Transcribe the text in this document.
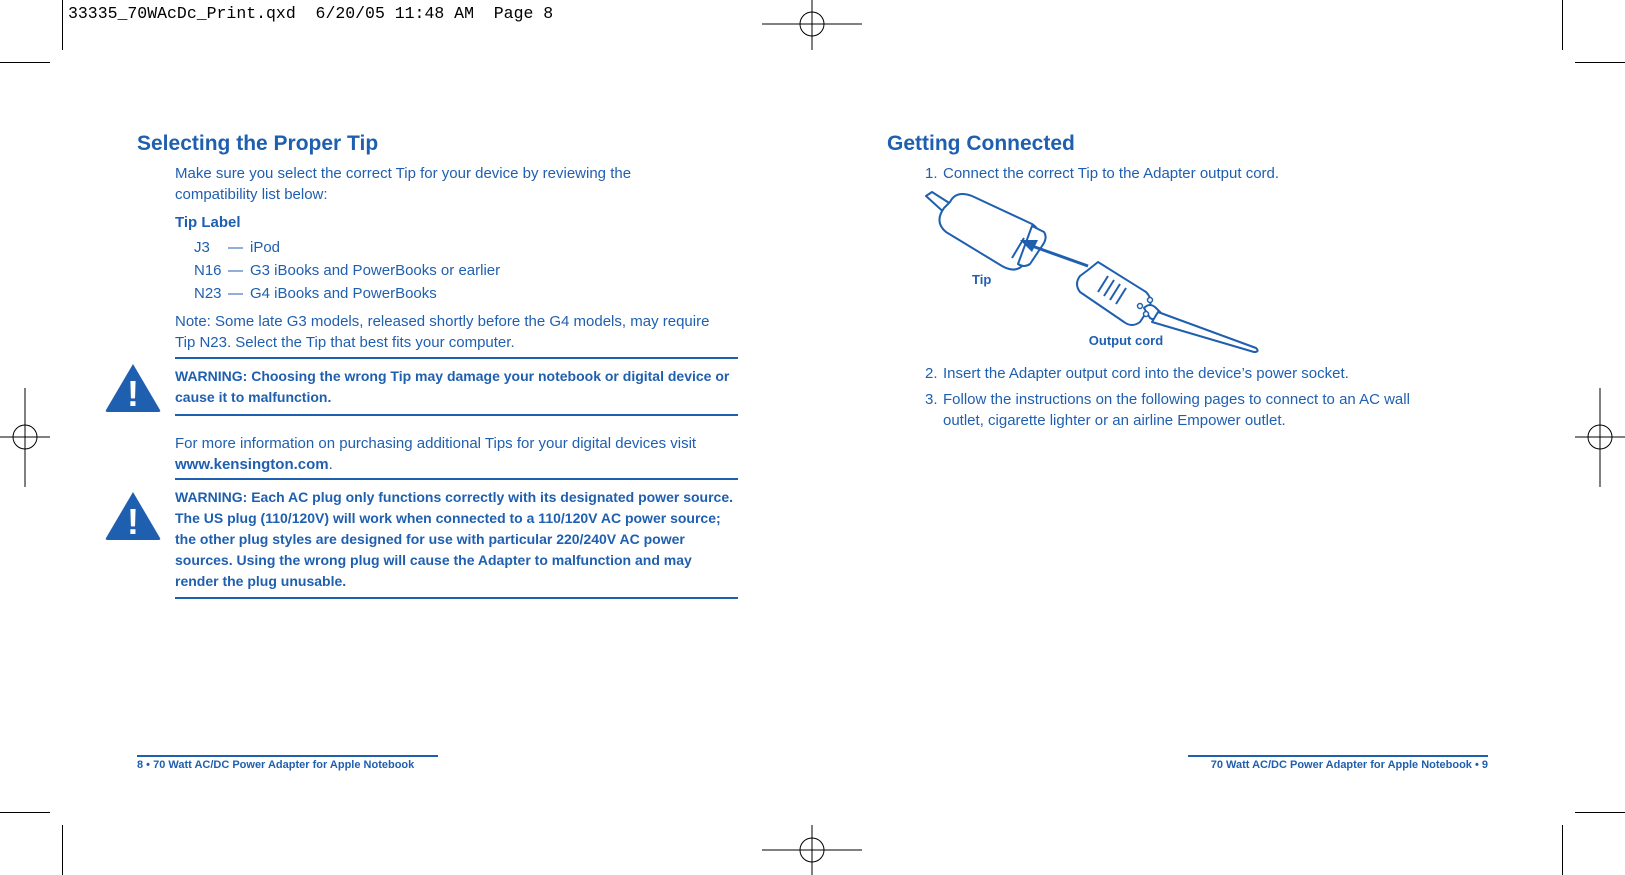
33335_70WAcDc_Print.qxd  6/20/05 11:48 AM  Page 8
Selecting the Proper Tip
Make sure you select the correct Tip for your device by reviewing the
compatibility list below:
Tip Label
J3 — iPod
N16 — G3 iBooks and PowerBooks or earlier
N23 — G4 iBooks and PowerBooks
Note: Some late G3 models, released shortly before the G4 models, may require
Tip N23. Select the Tip that best fits your computer.
!	WARNING: Choosing the wrong Tip may damage your notebook or digital device or
cause it to malfunction.
For more information on purchasing additional Tips for your digital devices visit
www.kensington.com.
!
WARNING: Each AC plug only functions correctly with its designated power source.
The US plug (110/120V) will work when connected to a 110/120V AC power source;
the other plug styles are designed for use with particular 220/240V AC power
sources. Using the wrong plug will cause the Adapter to malfunction and may
render the plug unusable.
8 • 70 Watt AC/DC Power Adapter for Apple Notebook
Getting Connected
1. Connect the correct Tip to the Adapter output cord.
Tip
Output cord
2. Insert the Adapter output cord into the device’s power socket.
3. Follow the instructions on the following pages to connect to an AC wall
outlet, cigarette lighter or an airline Empower outlet.
70 Watt AC/DC Power Adapter for Apple Notebook • 9
